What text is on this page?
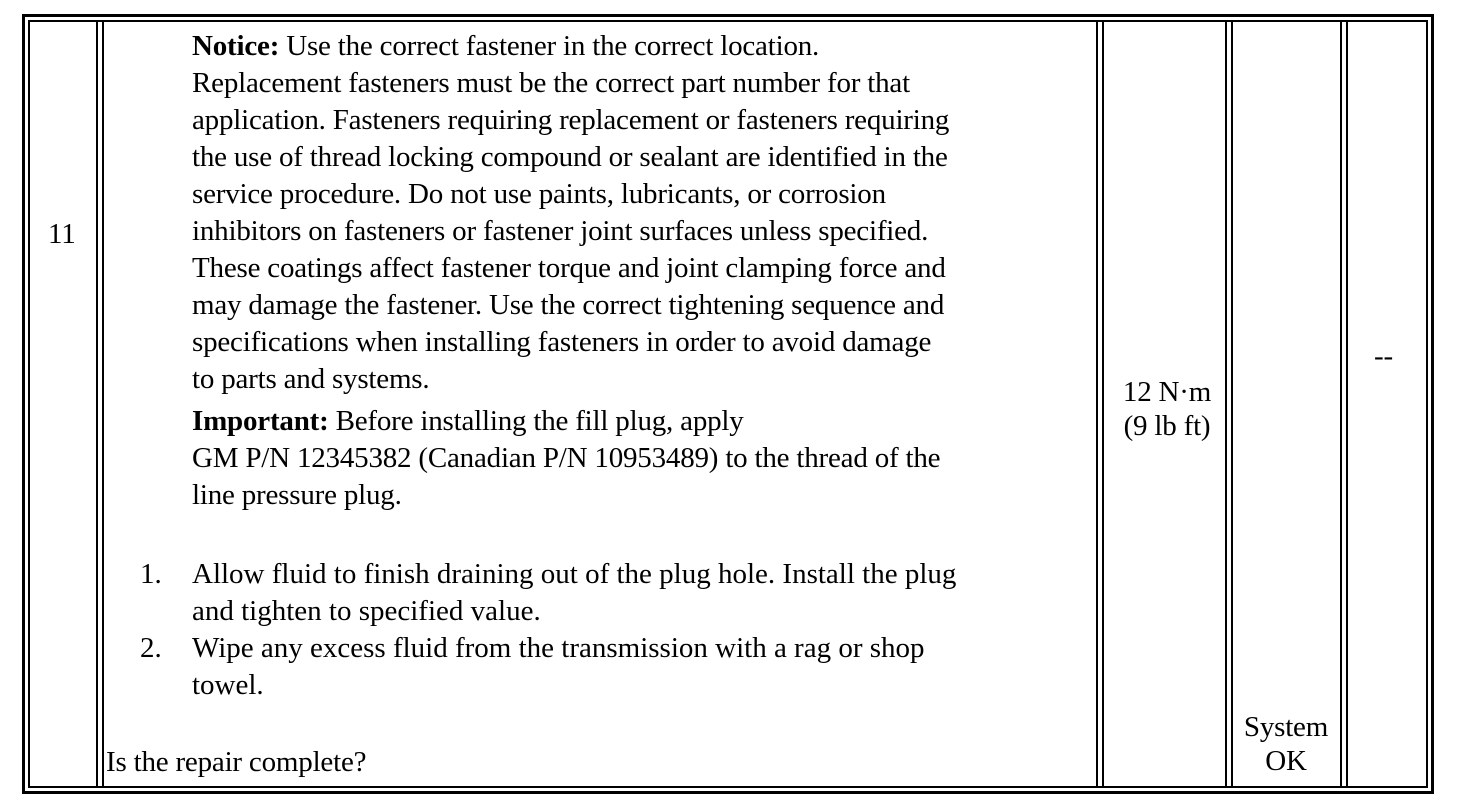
11

Notice: Use the correct fastener in the correct location.

Replacement fasteners must be the correct part number for that

application. Fasteners requiring replacement or fasteners requiring

the use of thread locking compound or sealant are identified in the

service procedure. Do not use paints, lubricants, or corrosion

inhibitors on fasteners or fastener joint surfaces unless specified.

These coatings affect fastener torque and joint clamping force and

may damage the fastener. Use the correct tightening sequence and

specifications when installing fasteners in order to avoid damage

to parts and systems.

Important: Before installing the fill plug, apply

GM P/N 12345382 (Canadian P/N 10953489) to the thread of the

line pressure plug.

1. Allow fluid to finish draining out of the plug hole. Install the plug
and tighten to specified value.
2. Wipe any excess fluid from the transmission with a rag or shop
towel.
Is the repair complete?
12 N·m
(9 lb ft)
System
OK
--
